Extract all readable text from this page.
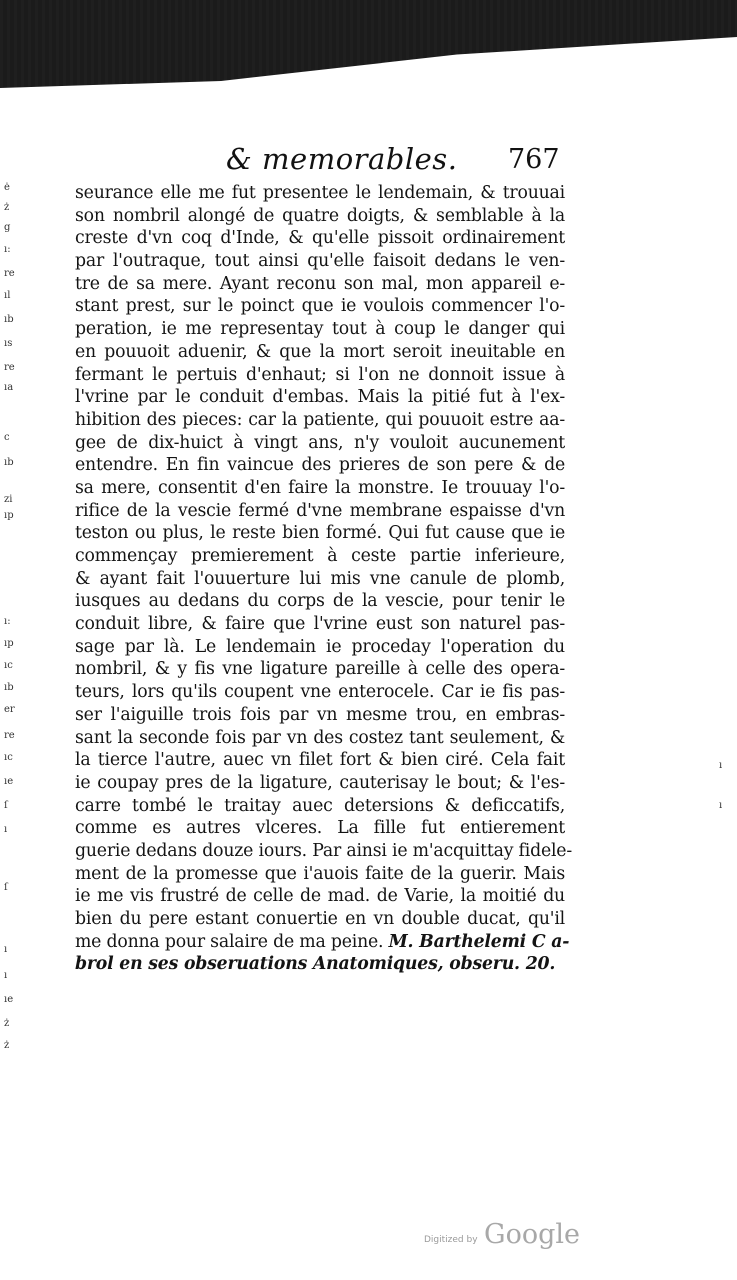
ė
ż
g
ı:
re
ıl
ıb
ıs
re
ıa
c
ıb
zi
ıp
ı:
ıp
ıc
ıb
er
re
ıc
ıe
ſ
ı
ſ
ı
ı
ıe
ż
ż
ı
ı
& memorables. 767
seurance elle me fut presentee le lendemain, & trouuai
son nombril alongé de quatre doigts, & semblable à la
creste d'vn coq d'Inde, & qu'elle pissoit ordinairement
par l'outraque, tout ainsi qu'elle faisoit dedans le ven-
tre de sa mere. Ayant reconu son mal, mon appareil e-
stant prest, sur le poinct que ie voulois commencer l'o-
peration, ie me representay tout à coup le danger qui
en pouuoit aduenir, & que la mort seroit ineuitable en
fermant le pertuis d'enhaut; si l'on ne donnoit issue à
l'vrine par le conduit d'embas. Mais la pitié fut à l'ex-
hibition des pieces: car la patiente, qui pouuoit estre aa-
gee de dix-huict à vingt ans, n'y vouloit aucunement
entendre. En fin vaincue des prieres de son pere & de
sa mere, consentit d'en faire la monstre. Ie trouuay l'o-
rifice de la vescie fermé d'vne membrane espaisse d'vn
teston ou plus, le reste bien formé. Qui fut cause que ie
commençay premierement à ceste partie inferieure,
& ayant fait l'ouuerture lui mis vne canule de plomb,
iusques au dedans du corps de la vescie, pour tenir le
conduit libre, & faire que l'vrine eust son naturel pas-
sage par là. Le lendemain ie proceday l'operation du
nombril, & y fis vne ligature pareille à celle des opera-
teurs, lors qu'ils coupent vne enterocele. Car ie fis pas-
ser l'aiguille trois fois par vn mesme trou, en embras-
sant la seconde fois par vn des costez tant seulement, &
la tierce l'autre, auec vn filet fort & bien ciré. Cela fait
ie coupay pres de la ligature, cauterisay le bout; & l'es-
carre tombé le traitay auec detersions & deficcatifs,
comme es autres vlceres. La fille fut entierement
guerie dedans douze iours. Par ainsi ie m'acquittay fidele-
ment de la promesse que i'auois faite de la guerir. Mais
ie me vis frustré de celle de mad. de Varie, la moitié du
bien du pere estant conuertie en vn double ducat, qu'il
me donna pour salaire de ma peine. M. Barthelemi C a-
brol en ses obseruations Anatomiques, obseru. 20.
Digitized by Google
